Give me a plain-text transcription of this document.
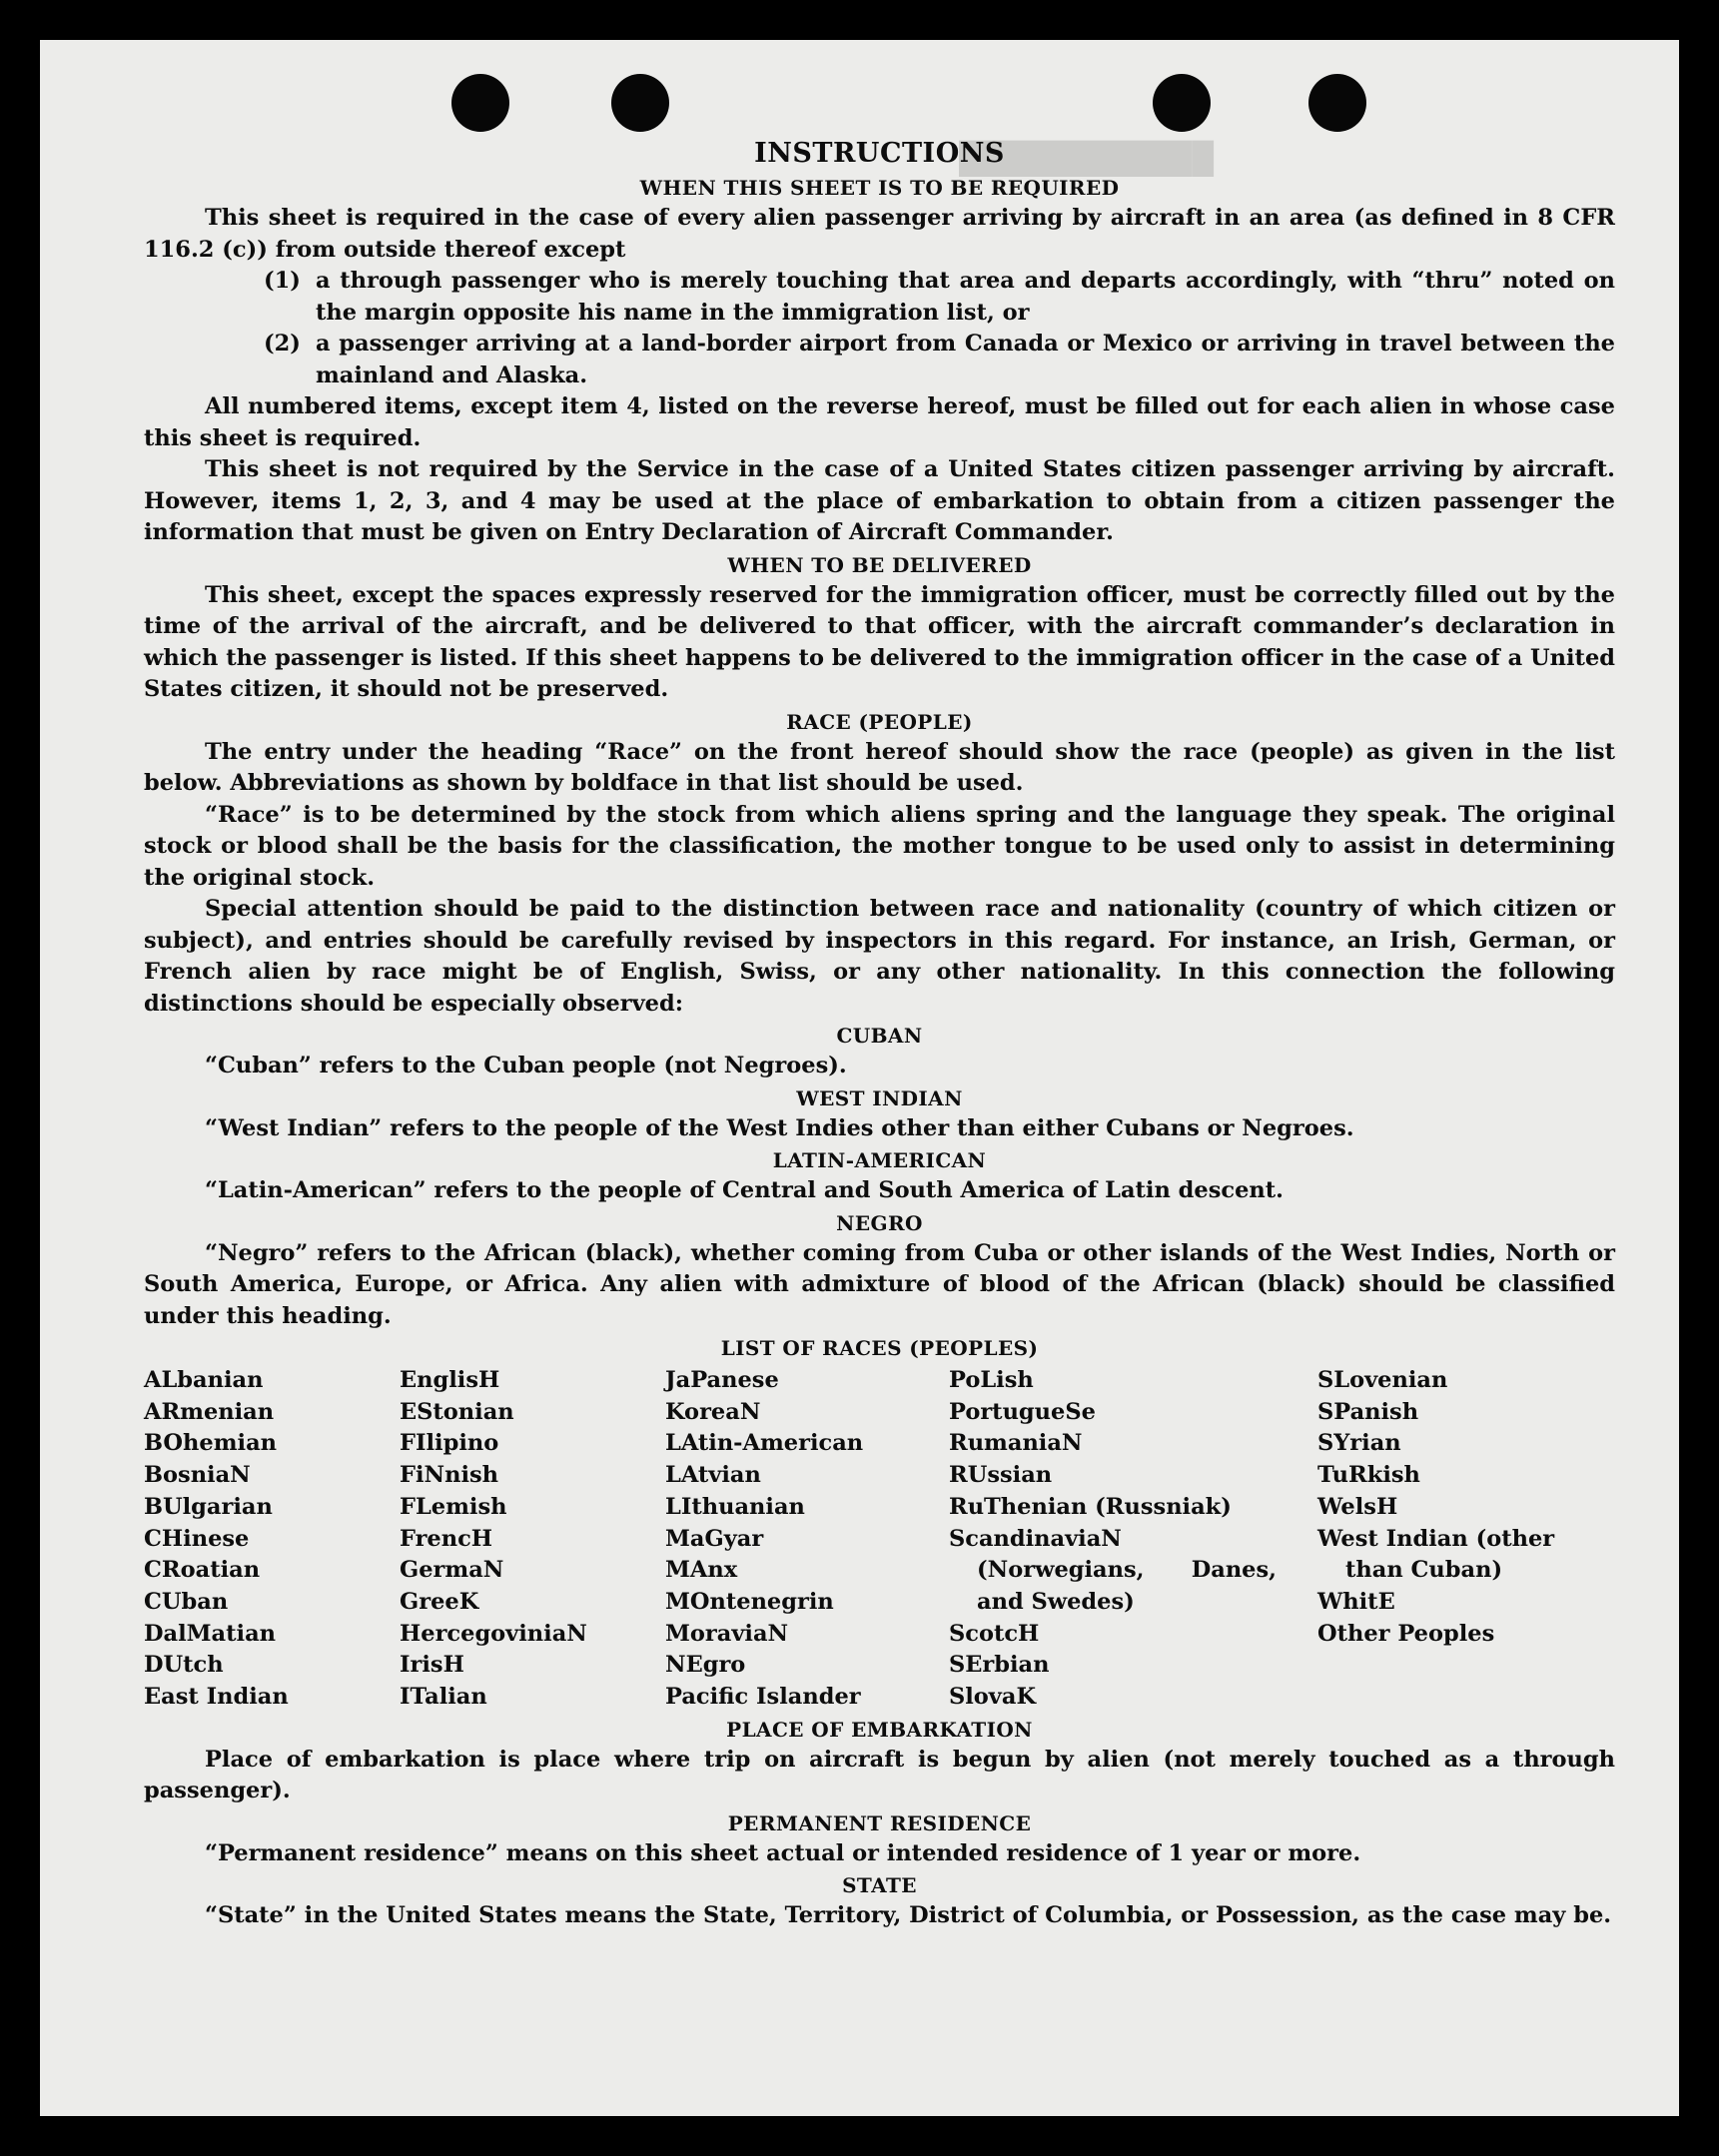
████████████
INSTRUCTIONS
WHEN THIS SHEET IS TO BE REQUIRED

This sheet is required in the case of every alien passenger arriving by aircraft in an area (as defined in 8 CFR 116.2 (c)) from outside thereof except

(1) a through passenger who is merely touching that area and departs accordingly, with “thru” noted on the margin opposite his name in the immigration list, or
(2) a passenger arriving at a land-border airport from Canada or Mexico or arriving in travel between the mainland and Alaska.

All numbered items, except item 4, listed on the reverse hereof, must be filled out for each alien in whose case this sheet is required.

This sheet is not required by the Service in the case of a United States citizen passenger arriving by aircraft. However, items 1, 2, 3, and 4 may be used at the place of embarkation to obtain from a citizen passenger the information that must be given on Entry Declaration of Aircraft Commander.

WHEN TO BE DELIVERED

This sheet, except the spaces expressly reserved for the immigration officer, must be correctly filled out by the time of the arrival of the aircraft, and be delivered to that officer, with the aircraft commander’s declaration in which the passenger is listed. If this sheet happens to be delivered to the immigration officer in the case of a United States citizen, it should not be preserved.

RACE (PEOPLE)

The entry under the heading “Race” on the front hereof should show the race (people) as given in the list below. Abbreviations as shown by boldface in that list should be used.

“Race” is to be determined by the stock from which aliens spring and the language they speak. The original stock or blood shall be the basis for the classification, the mother tongue to be used only to assist in determining the original stock.

Special attention should be paid to the distinction between race and nationality (country of which citizen or subject), and entries should be carefully revised by inspectors in this regard. For instance, an Irish, German, or French alien by race might be of English, Swiss, or any other nationality. In this connection the following distinctions should be especially observed:

CUBAN

“Cuban” refers to the Cuban people (not Negroes).

WEST INDIAN

“West Indian” refers to the people of the West Indies other than either Cubans or Negroes.

LATIN-AMERICAN

“Latin-American” refers to the people of Central and South America of Latin descent.

NEGRO

“Negro” refers to the African (black), whether coming from Cuba or other islands of the West Indies, North or South America, Europe, or Africa. Any alien with admixture of blood of the African (black) should be classified under this heading.

LIST OF RACES (PEOPLES)
ALbanian
ARmenian
BOhemian
BosniaN
BUlgarian
CHinese
CRoatian
CUban
DalMatian
DUtch
East Indian
EnglisH
EStonian
FIlipino
FiNnish
FLemish
FrencH
GermaN
GreeK
HercegoviniaN
IrisH
ITalian
JaPanese
KoreaN
LAtin-American
LAtvian
LIthuanian
MaGyar
MAnx
MOntenegrin
MoraviaN
NEgro
Pacific Islander
PoLish
PortugueSe
RumaniaN
RUssian
RuThenian (Russniak)
ScandinaviaN (Norwegians, Danes, and Swedes)
ScotcH
SErbian
SlovaK
SLovenian
SPanish
SYrian
TuRkish
WelsH
West Indian (other than Cuban)
WhitE
Other Peoples
PLACE OF EMBARKATION

Place of embarkation is place where trip on aircraft is begun by alien (not merely touched as a through passenger).

PERMANENT RESIDENCE

“Permanent residence” means on this sheet actual or intended residence of 1 year or more.

STATE

“State” in the United States means the State, Territory, District of Columbia, or Possession, as the case may be.
